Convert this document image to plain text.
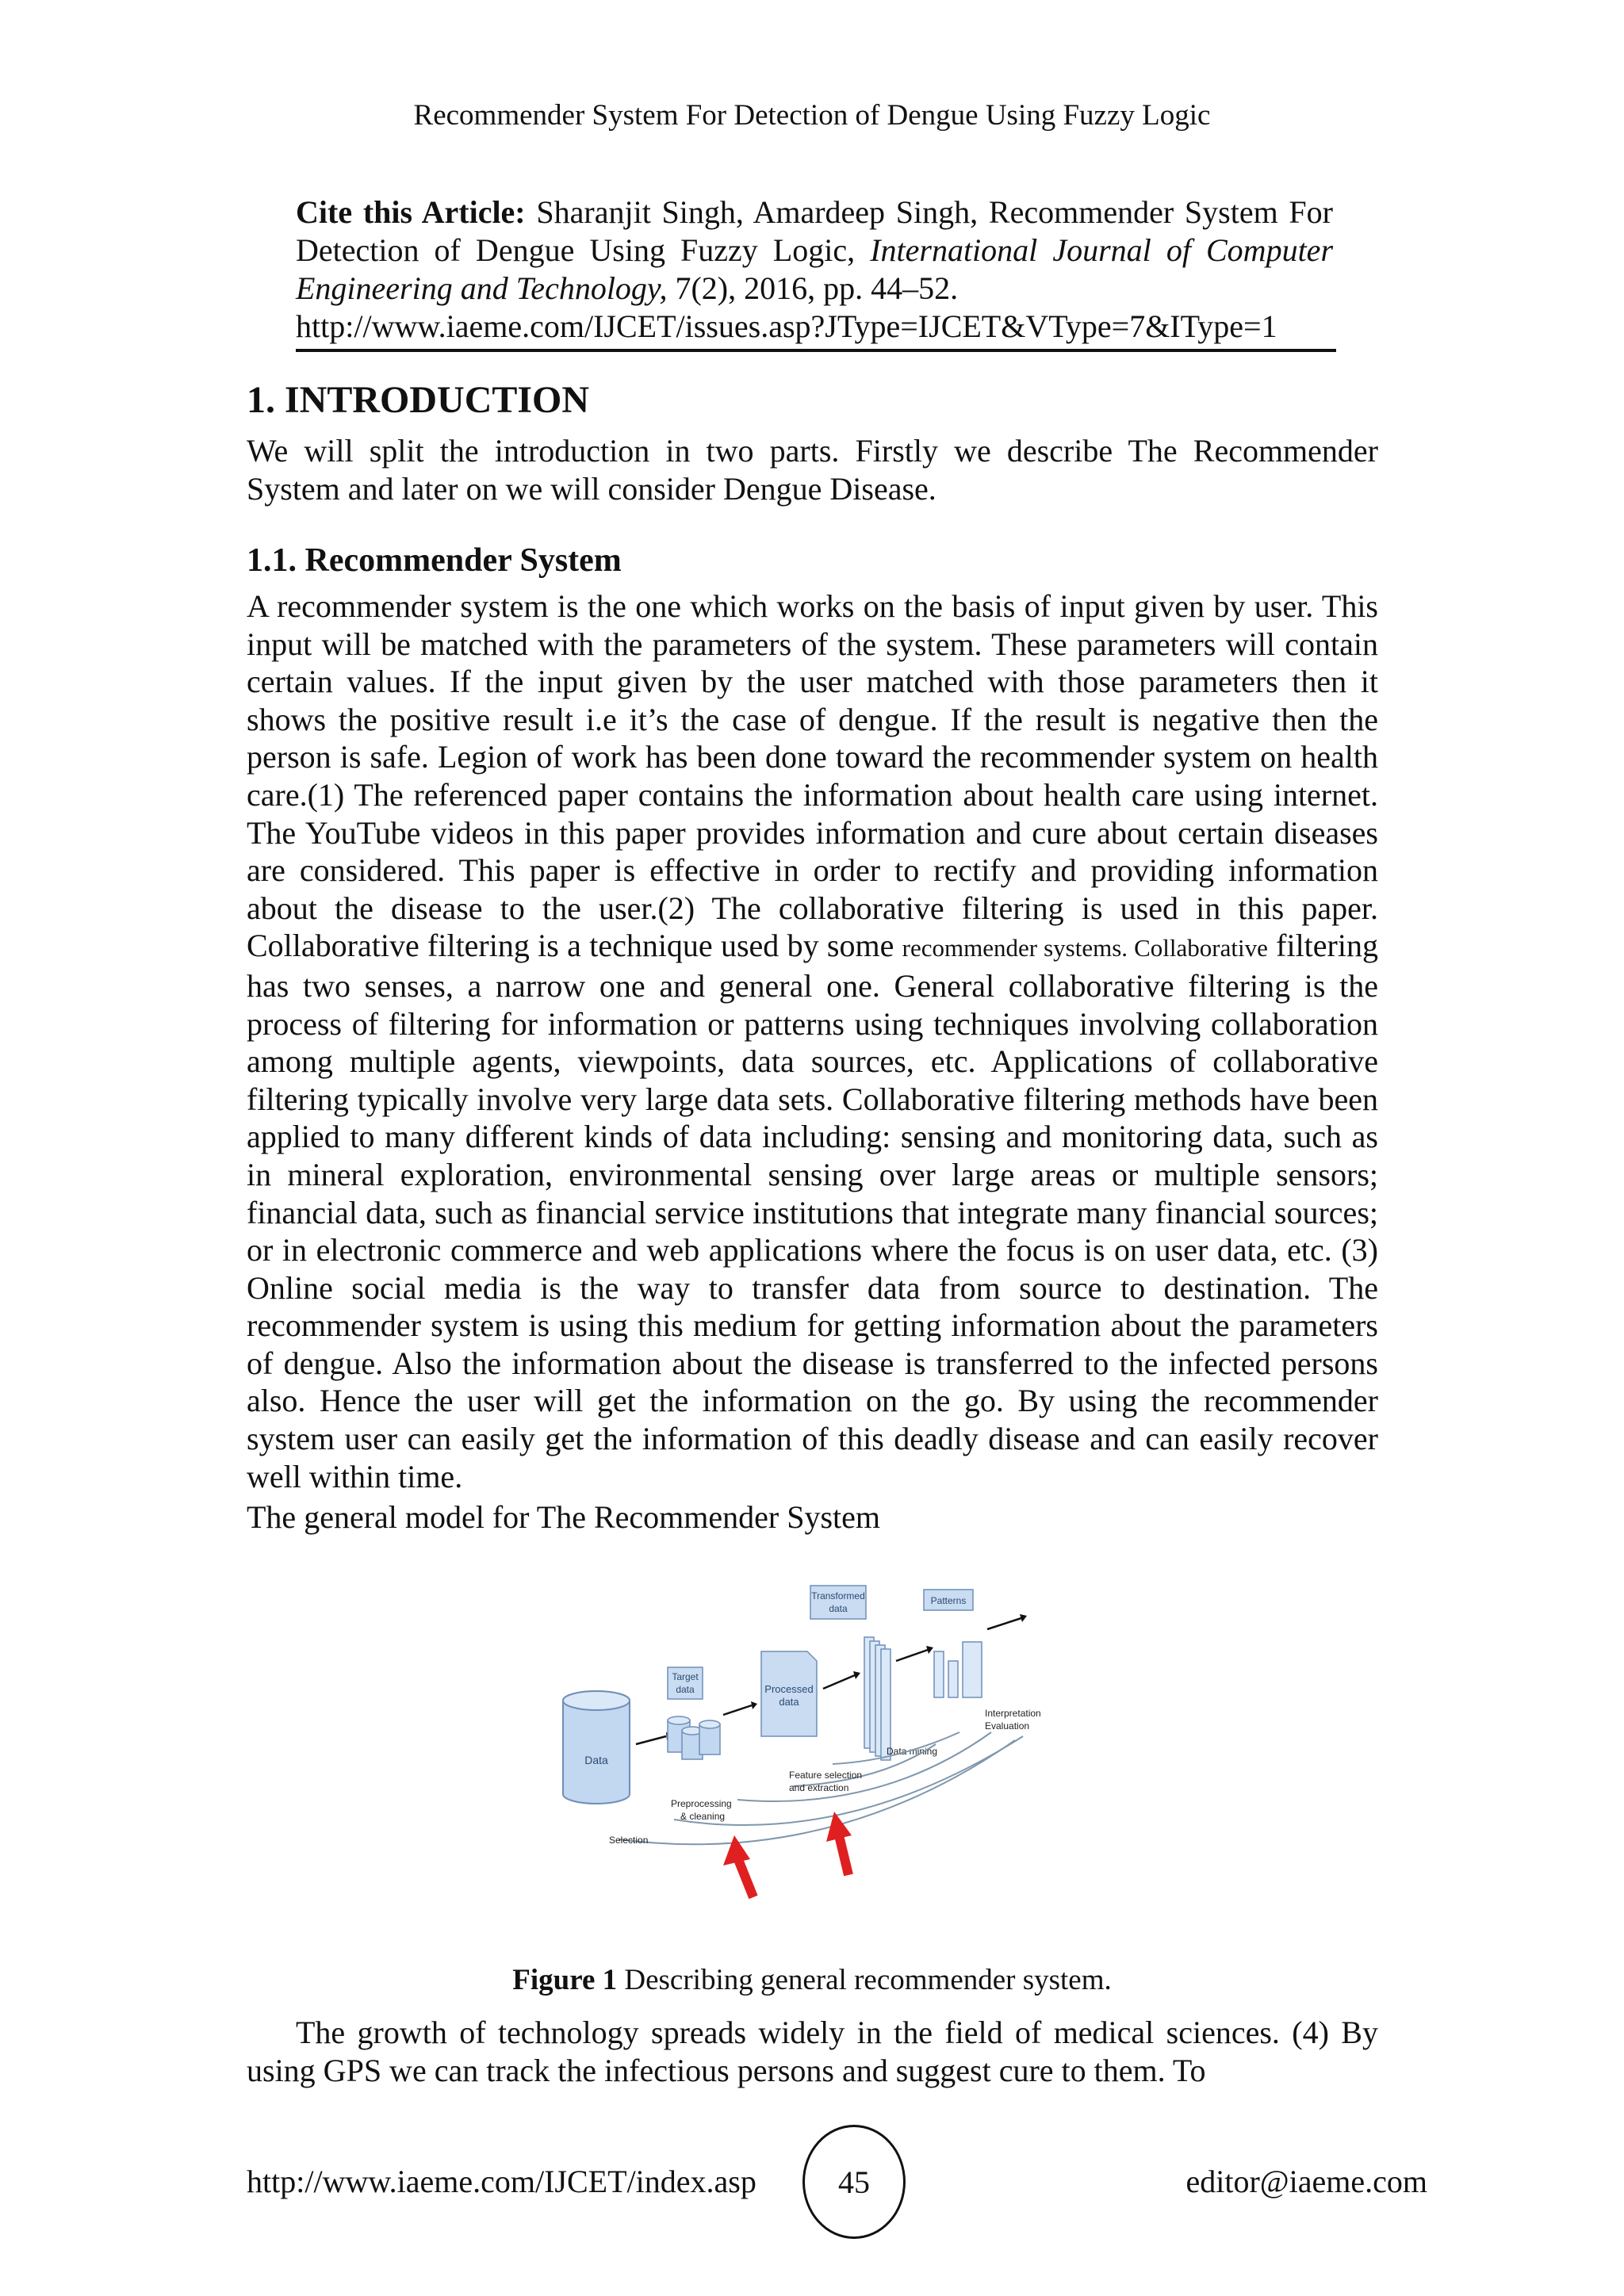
Recommender System For Detection of Dengue Using Fuzzy Logic
Cite this Article: Sharanjit Singh, Amardeep Singh, Recommender System For Detection of Dengue Using Fuzzy Logic, International Journal of Computer Engineering and Technology, 7(2), 2016, pp. 44–52.
http://www.iaeme.com/IJCET/issues.asp?JType=IJCET&VType=7&IType=1
1. INTRODUCTION

We will split the introduction in two parts. Firstly we describe The Recommender System and later on we will consider Dengue Disease.

1.1. Recommender System

A recommender system is the one which works on the basis of input given by user. This input will be matched with the parameters of the system. These parameters will contain certain values. If the input given by the user matched with those parameters then it shows the positive result i.e it’s the case of dengue. If the result is negative then the person is safe. Legion of work has been done toward the recommender system on health care.(1) The referenced paper contains the information about health care using internet. The YouTube videos in this paper provides information and cure about certain diseases are considered. This paper is effective in order to rectify and providing information about the disease to the user.(2) The collaborative filtering is used in this paper. Collaborative filtering is a technique used by some recommender systems. Collaborative filtering has two senses, a narrow one and general one. General collaborative filtering is the process of filtering for information or patterns using techniques involving collaboration among multiple agents, viewpoints, data sources, etc. Applications of collaborative filtering typically involve very large data sets. Collaborative filtering methods have been applied to many different kinds of data including: sensing and monitoring data, such as in mineral exploration, environmental sensing over large areas or multiple sensors; financial data, such as financial service institutions that integrate many financial sources; or in electronic commerce and web applications where the focus is on user data, etc. (3) Online social media is the way to transfer data from source to destination. The recommender system is using this medium for getting information about the parameters of dengue. Also the information about the disease is transferred to the infected persons also. Hence the user will get the information on the go. By using the recommender system user can easily get the information of this deadly disease and can easily recover well within time.

The general model for The Recommender System

Data
Target
data	Processed
data
Transformed
data
Data mining
Patterns
Interpretation
Evaluation
Preprocessing
& cleaning
Feature selection
and extraction
Selection
Figure 1 Describing general recommender system.

The growth of technology spreads widely in the field of medical sciences. (4) By using GPS we can track the infectious persons and suggest cure to them. To

http://www.iaeme.com/IJCET/index.asp	45	editor@iaeme.com
